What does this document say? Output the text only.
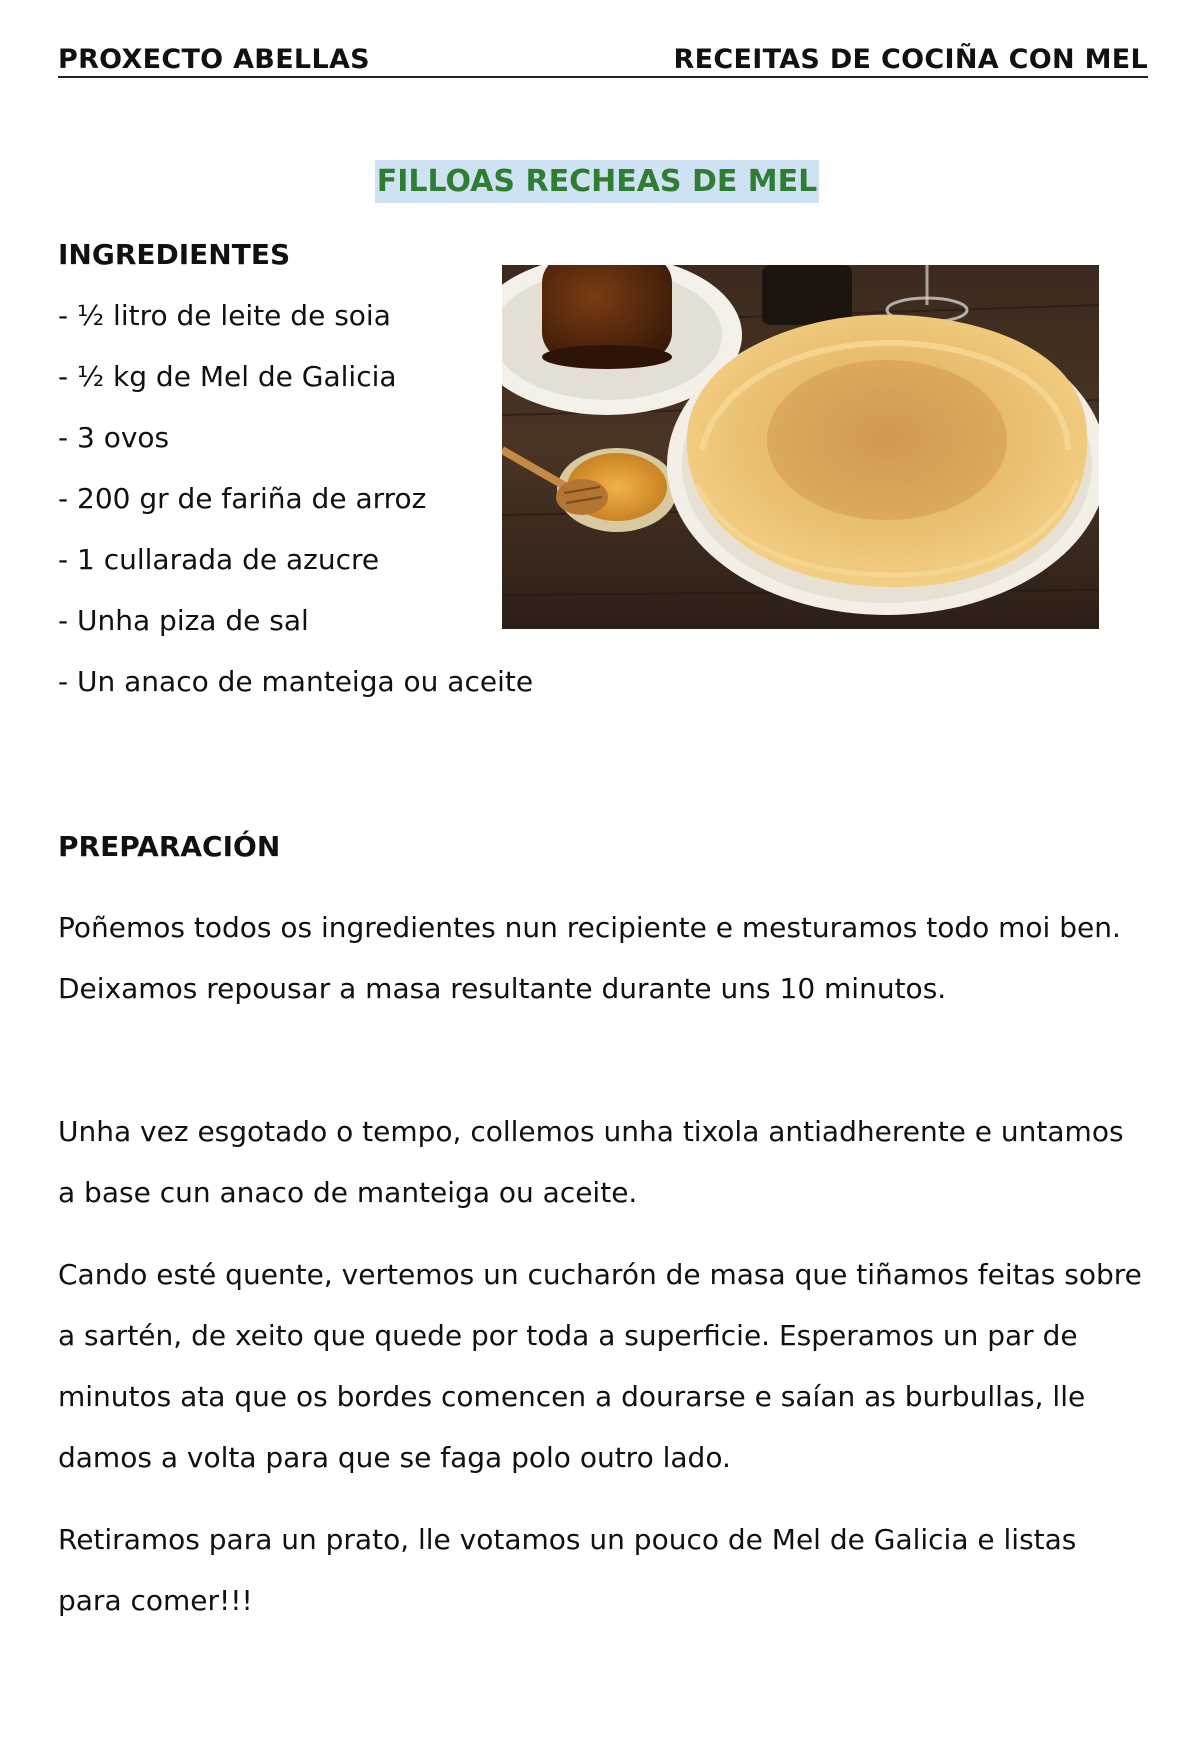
PROXECTO ABELLAS	RECEITAS DE COCIÑA CON MEL
FILLOAS RECHEAS DE MEL
INGREDIENTES
- ½ litro de leite de soia
- ½ kg de Mel de Galicia
- 3 ovos
- 200 gr de fariña de arroz
- 1 cullarada de azucre
- Unha piza de sal
- Un anaco de manteiga ou aceite
PREPARACIÓN

Poñemos todos os ingredientes nun recipiente e mesturamos todo moi ben. Deixamos repousar a masa resultante durante uns 10 minutos.

Unha vez esgotado o tempo, collemos unha tixola antiadherente e untamos a base cun anaco de manteiga ou aceite.

Cando esté quente, vertemos un cucharón de masa que tiñamos feitas sobre a sartén, de xeito que quede por toda a superficie. Esperamos un par de minutos ata que os bordes comencen a dourarse e saían as burbullas, lle damos a volta para que se faga polo outro lado.

Retiramos para un prato, lle votamos un pouco de Mel de Galicia e listas para comer!!!
